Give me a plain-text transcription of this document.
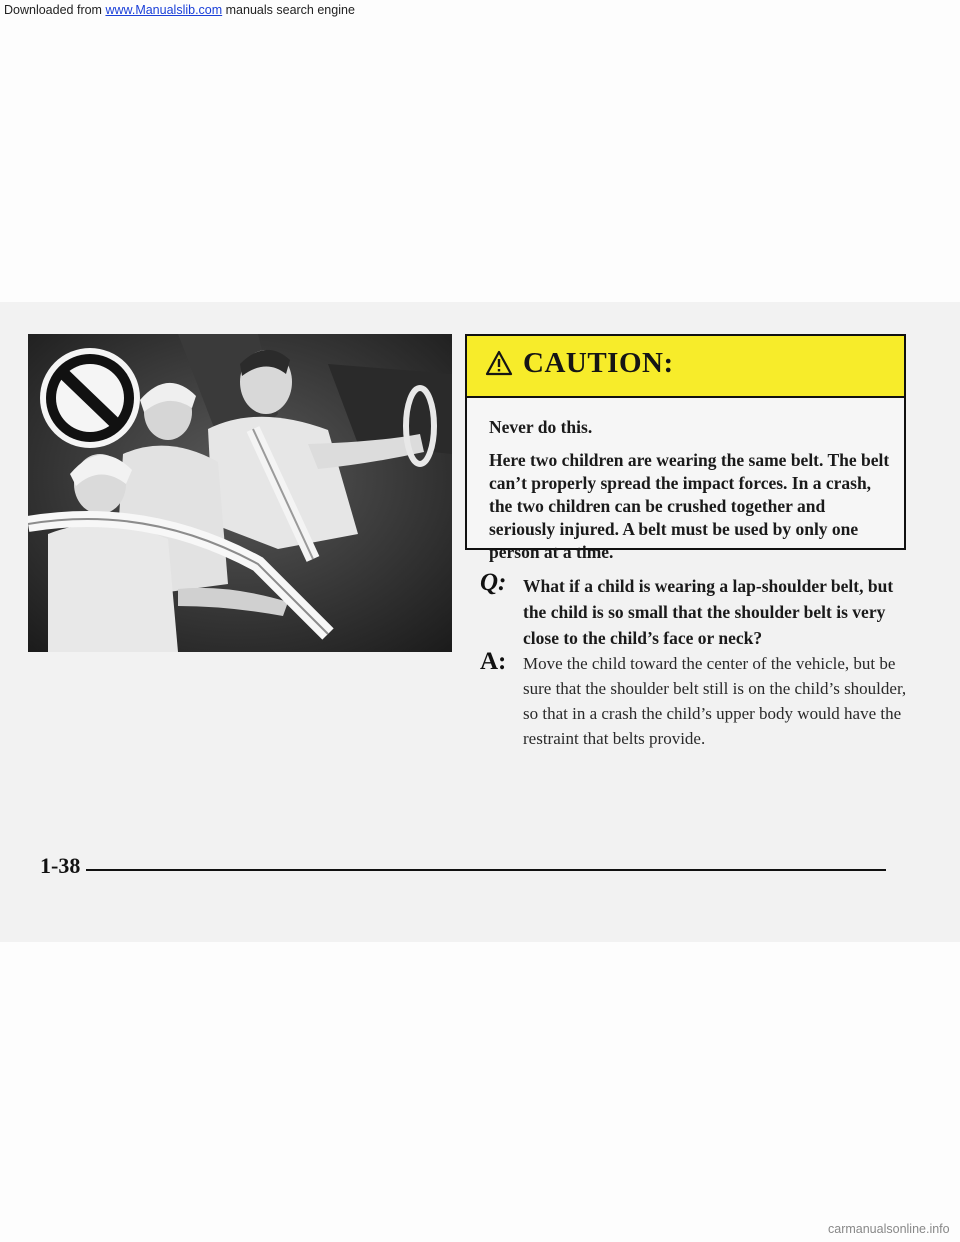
Downloaded from www.Manualslib.com manuals search engine
CAUTION:

Never do this.

Here two children are wearing the same belt. The belt can’t properly spread the impact forces. In a crash, the two children can be crushed together and seriously injured. A belt must be used by only one person at a time.

Q: What if a child is wearing a lap-shoulder belt, but the child is so small that the shoulder belt is very close to the child’s face or neck?
A: Move the child toward the center of the vehicle, but be sure that the shoulder belt still is on the child’s shoulder, so that in a crash the child’s upper body would have the restraint that belts provide.
1-38
carmanualsonline.info
